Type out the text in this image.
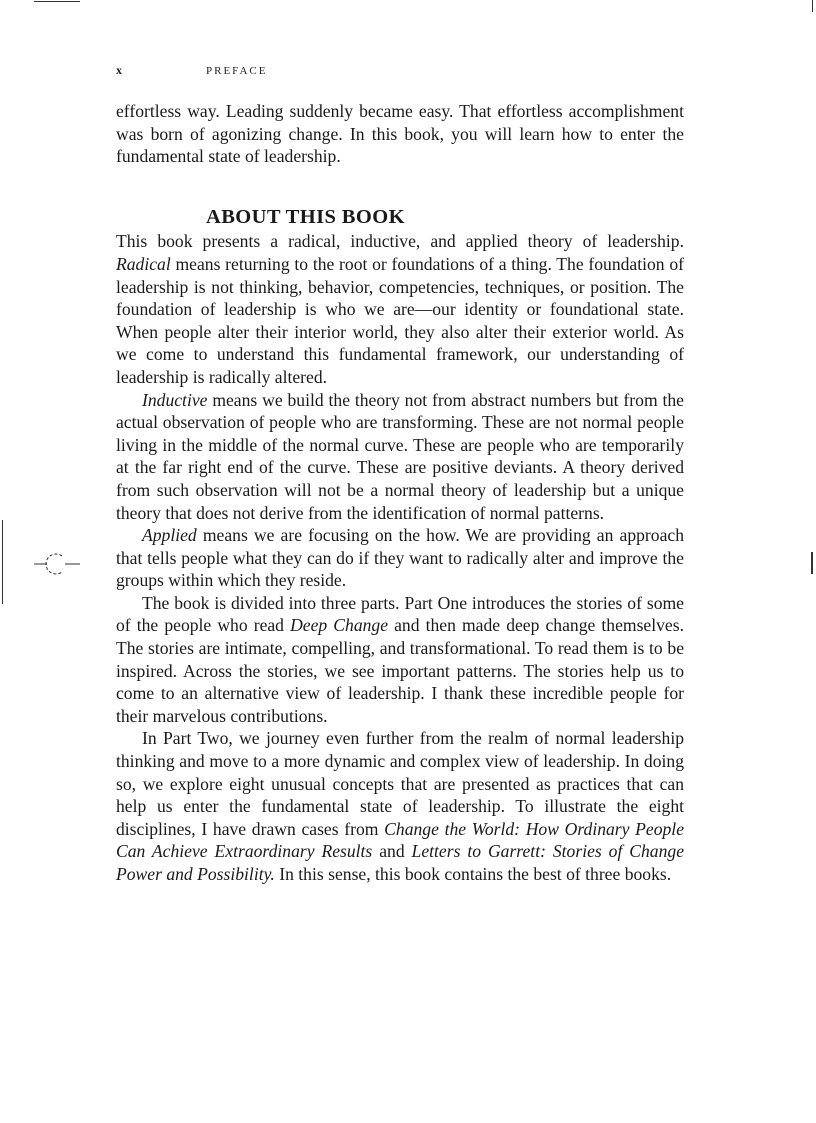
x	PREFACE

effortless way. Leading suddenly became easy. That effortless accomplishment was born of agonizing change. In this book, you will learn how to enter the fundamental state of leadership.

ABOUT THIS BOOK

This book presents a radical, inductive, and applied theory of leadership. Radical means returning to the root or foundations of a thing. The foundation of leadership is not thinking, behavior, competencies, techniques, or position. The foundation of leadership is who we are—our identity or foundational state. When people alter their interior world, they also alter their exterior world. As we come to understand this fundamental framework, our understanding of leadership is radically altered.

Inductive means we build the theory not from abstract numbers but from the actual observation of people who are transforming. These are not normal people living in the middle of the normal curve. These are people who are temporarily at the far right end of the curve. These are positive deviants. A theory derived from such observation will not be a normal theory of leadership but a unique theory that does not derive from the identification of normal patterns.

Applied means we are focusing on the how. We are providing an approach that tells people what they can do if they want to radically alter and improve the groups within which they reside.

The book is divided into three parts. Part One introduces the stories of some of the people who read Deep Change and then made deep change themselves. The stories are intimate, compelling, and transformational. To read them is to be inspired. Across the stories, we see important patterns. The stories help us to come to an alternative view of leadership. I thank these incredible people for their marvelous contributions.

In Part Two, we journey even further from the realm of normal leadership thinking and move to a more dynamic and complex view of leadership. In doing so, we explore eight unusual concepts that are presented as practices that can help us enter the fundamental state of leadership. To illustrate the eight disciplines, I have drawn cases from Change the World: How Ordinary People Can Achieve Extraordinary Results and Letters to Garrett: Stories of Change Power and Possibility. In this sense, this book contains the best of three books.
